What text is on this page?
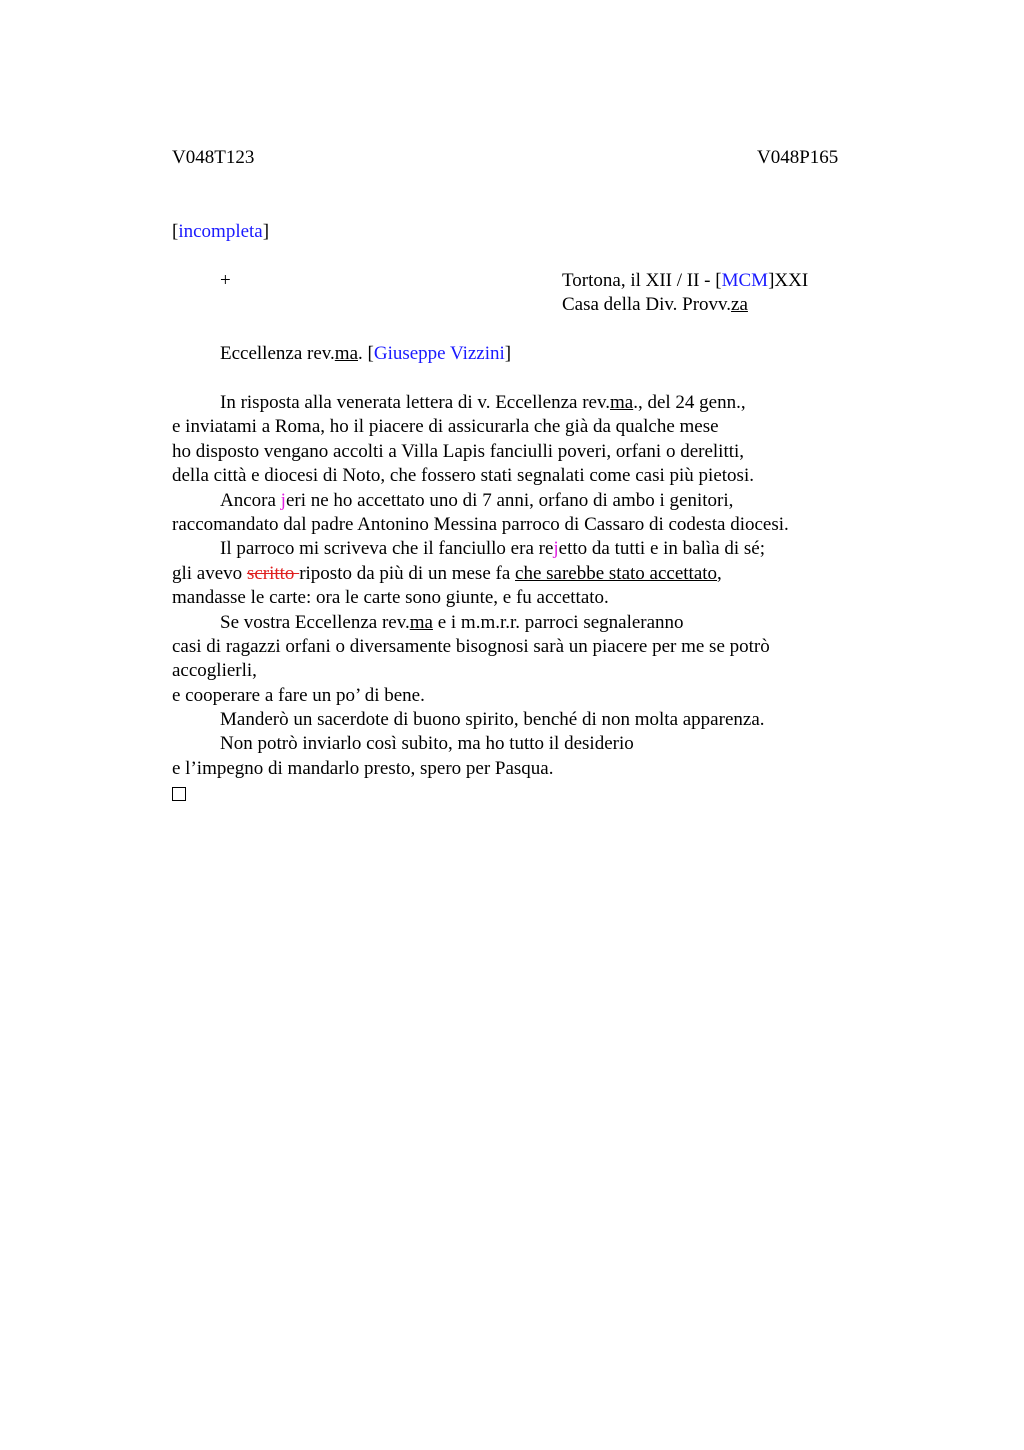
V048T123	V048P165
[incompleta]
+	Tortona, il XII / II - [MCM]XXI
Casa della Div. Provv.za
Eccellenza rev.ma. [Giuseppe Vizzini]
In risposta alla venerata lettera di v. Eccellenza rev.ma., del 24 genn.,
e inviatami a Roma, ho il piacere di assicurarla che già da qualche mese
ho disposto vengano accolti a Villa Lapis fanciulli poveri, orfani o derelitti,
della città e diocesi di Noto, che fossero stati segnalati come casi più pietosi.
Ancora jeri ne ho accettato uno di 7 anni, orfano di ambo i genitori,
raccomandato dal padre Antonino Messina parroco di Cassaro di codesta diocesi.
Il parroco mi scriveva che il fanciullo era rejetto da tutti e in balìa di sé;
gli avevo scritto riposto da più di un mese fa che sarebbe stato accettato,
mandasse le carte: ora le carte sono giunte, e fu accettato.
Se vostra Eccellenza rev.ma e i m.m.r.r. parroci segnaleranno
casi di ragazzi orfani o diversamente bisognosi sarà un piacere per me se potrò
accoglierli,
e cooperare a fare un po’ di bene.
Manderò un sacerdote di buono spirito, benché di non molta apparenza.
Non potrò inviarlo così subito, ma ho tutto il desiderio
e l’impegno di mandarlo presto, spero per Pasqua.
